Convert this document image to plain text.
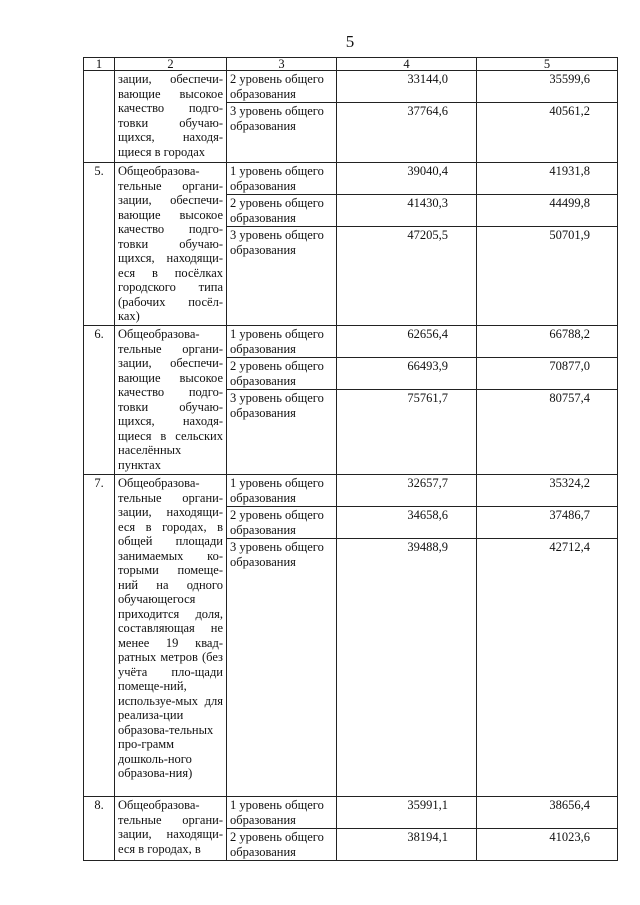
5
1	2	3	4	5
	зации, обеспечи-вающие высокое качество подго-товки обучаю-щихся, находя-щиеся в городах	2 уровень общего образования	33144,0	35599,6
		3 уровень общего образования	37764,6	40561,2
5.	Общеобразова-тельные органи-зации, обеспечи-вающие высокое качество подго-товки обучаю-щихся, находящи-еся в посёлках городского типа (рабочих посёл-ках)	1 уровень общего образования	39040,4	41931,8
		2 уровень общего образования	41430,3	44499,8
		3 уровень общего образования	47205,5	50701,9
6.	Общеобразова-тельные органи-зации, обеспечи-вающие высокое качество подго-товки обучаю-щихся, находя-щиеся в сельских населённых пунктах	1 уровень общего образования	62656,4	66788,2
		2 уровень общего образования	66493,9	70877,0
		3 уровень общего образования	75761,7	80757,4
7.	Общеобразова-тельные органи-зации, находящи-еся в городах, в общей площади занимаемых ко-торыми помеще-ний на одного обучающегося приходится доля, составляющая не менее 19 квад-ратных метров (без учёта пло-щади помеще-ний, используе-мых для реализа-ции образова-тельных про-грамм дошколь-ного образова-ния)	1 уровень общего образования	32657,7	35324,2
		2 уровень общего образования	34658,6	37486,7
		3 уровень общего образования	39488,9	42712,4
8.	Общеобразова-тельные органи-зации, находящи-еся в городах, в	1 уровень общего образования	35991,1	38656,4
		2 уровень общего образования	38194,1	41023,6
